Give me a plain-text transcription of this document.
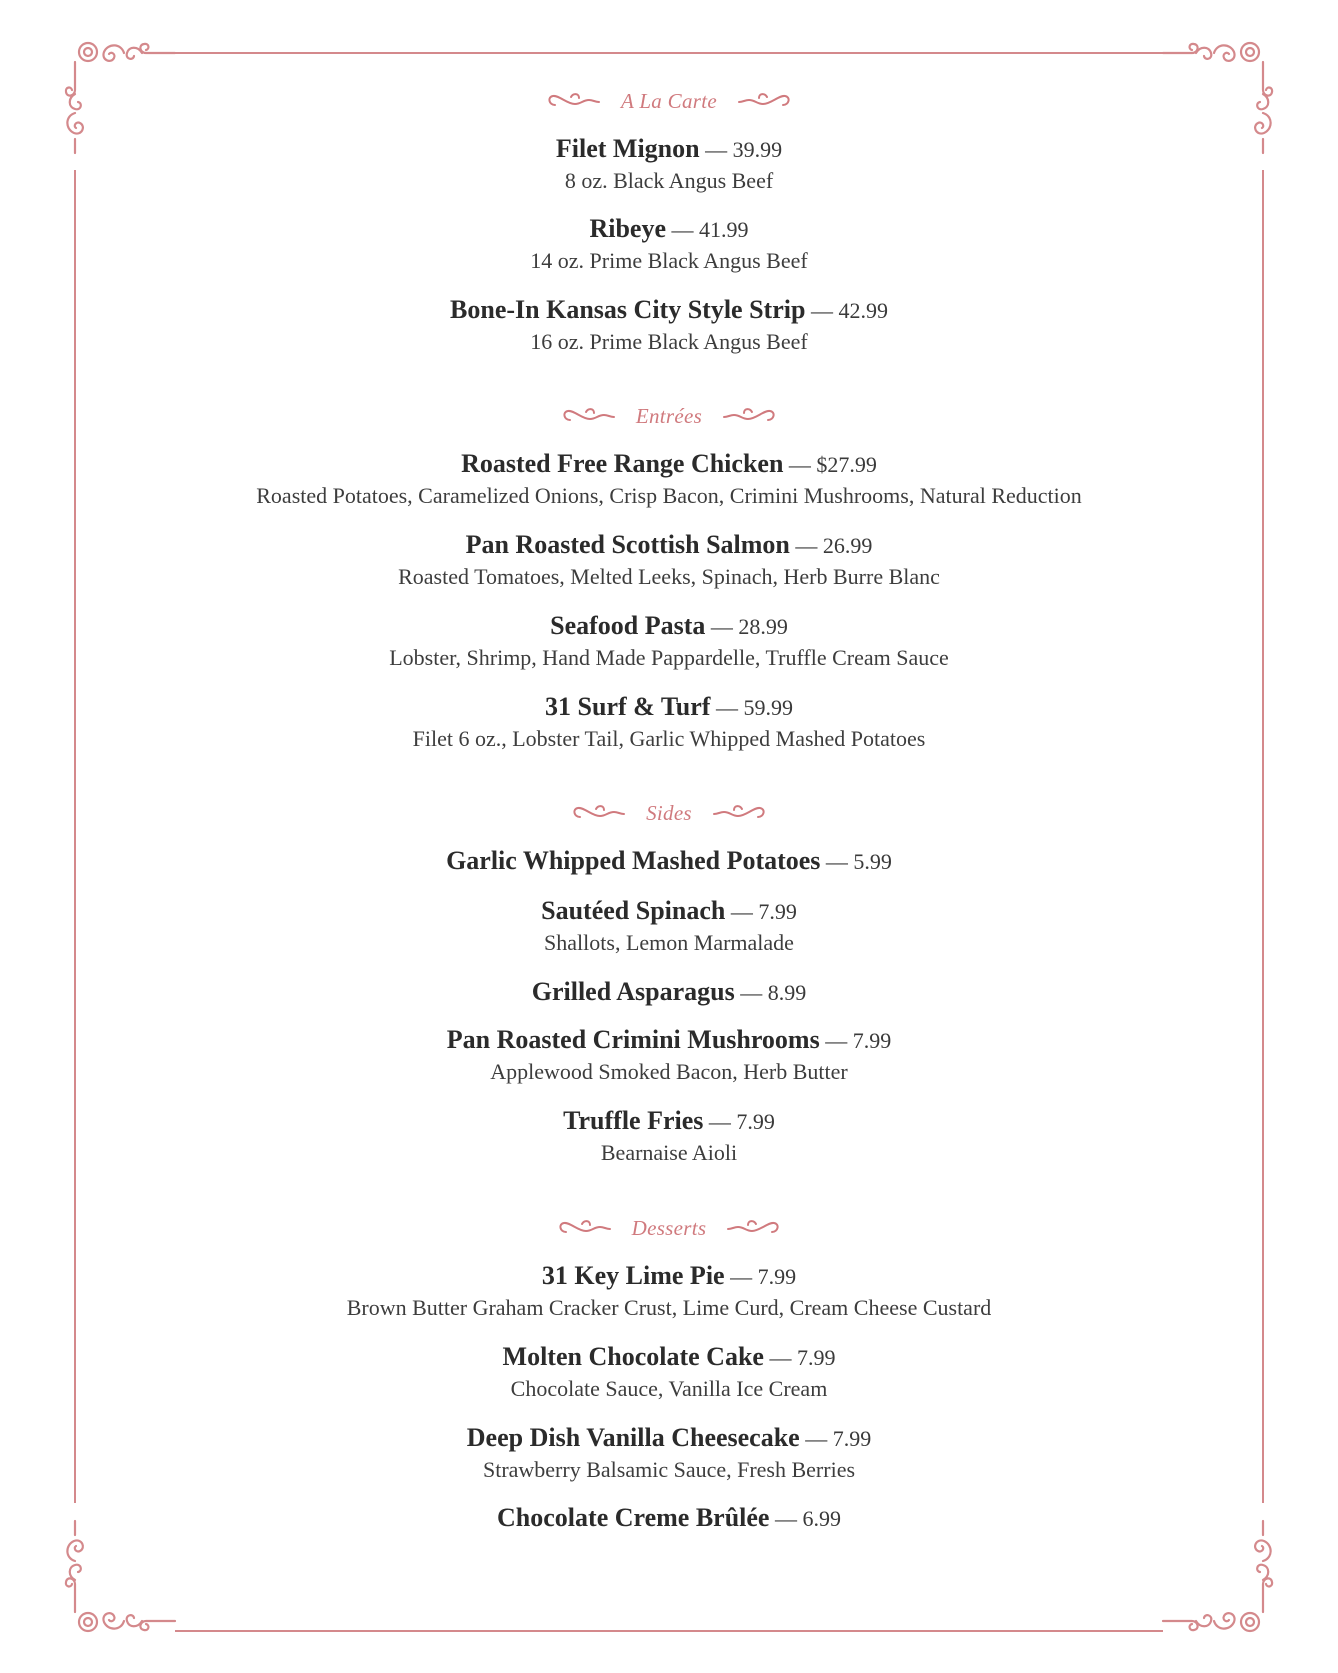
A La Carte
Filet Mignon — 39.99
8 oz. Black Angus Beef
Ribeye — 41.99
14 oz. Prime Black Angus Beef
Bone-In Kansas City Style Strip — 42.99
16 oz. Prime Black Angus Beef
Entrées
Roasted Free Range Chicken — $27.99
Roasted Potatoes, Caramelized Onions, Crisp Bacon, Crimini Mushrooms, Natural Reduction
Pan Roasted Scottish Salmon — 26.99
Roasted Tomatoes, Melted Leeks, Spinach, Herb Burre Blanc
Seafood Pasta — 28.99
Lobster, Shrimp, Hand Made Pappardelle, Truffle Cream Sauce
31 Surf & Turf — 59.99
Filet 6 oz., Lobster Tail, Garlic Whipped Mashed Potatoes
Sides
Garlic Whipped Mashed Potatoes — 5.99
Sautéed Spinach — 7.99
Shallots, Lemon Marmalade
Grilled Asparagus — 8.99
Pan Roasted Crimini Mushrooms — 7.99
Applewood Smoked Bacon, Herb Butter
Truffle Fries — 7.99
Bearnaise Aioli
Desserts
31 Key Lime Pie — 7.99
Brown Butter Graham Cracker Crust, Lime Curd, Cream Cheese Custard
Molten Chocolate Cake — 7.99
Chocolate Sauce, Vanilla Ice Cream
Deep Dish Vanilla Cheesecake — 7.99
Strawberry Balsamic Sauce, Fresh Berries
Chocolate Creme Brûlée — 6.99
